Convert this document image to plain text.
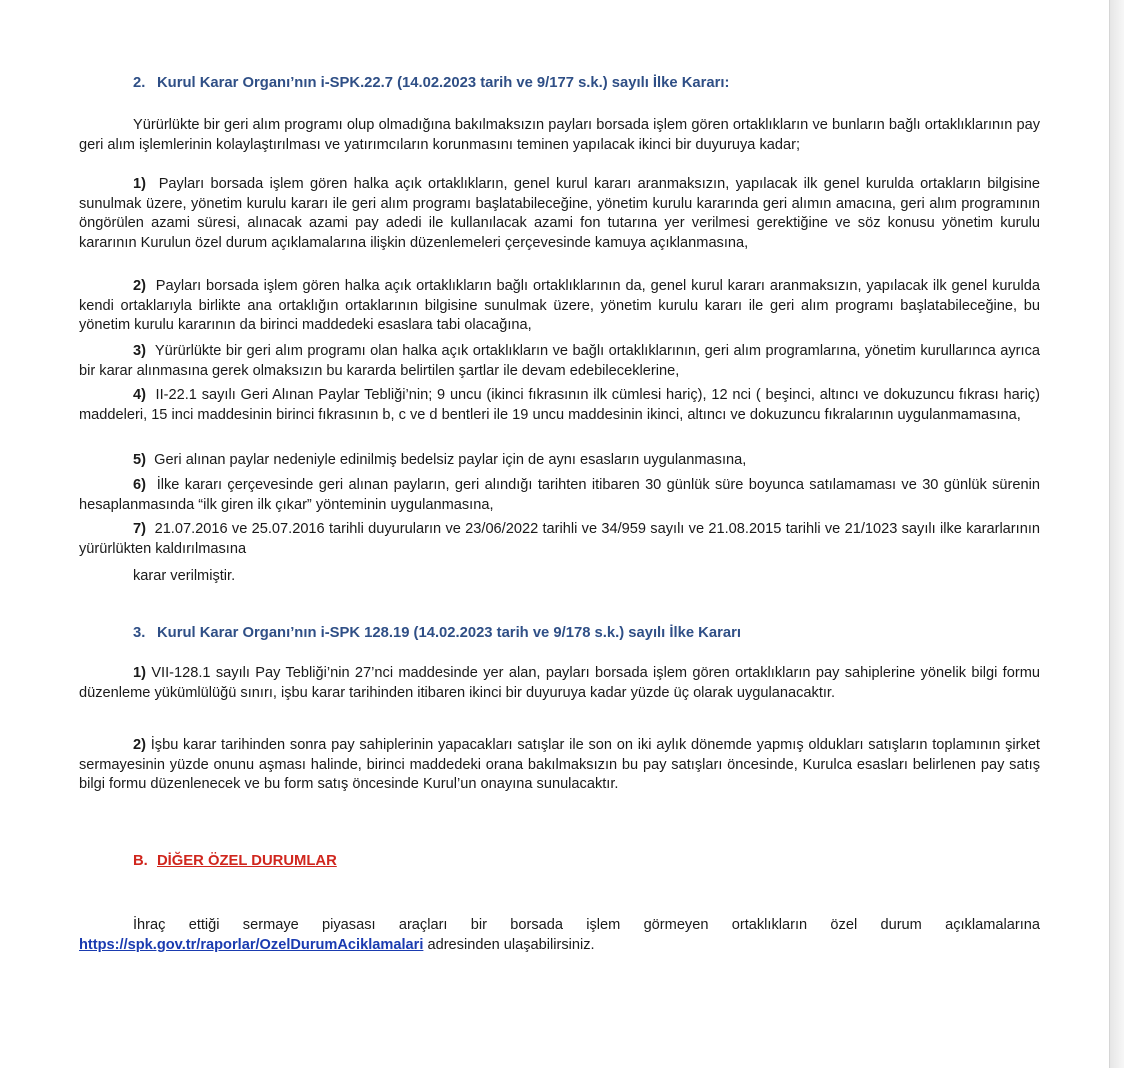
2. Kurul Karar Organı’nın i-SPK.22.7 (14.02.2023 tarih ve 9/177 s.k.) sayılı İlke Kararı:
Yürürlükte bir geri alım programı olup olmadığına bakılmaksızın payları borsada işlem gören ortaklıkların ve bunların bağlı ortaklıklarının pay geri alım işlemlerinin kolaylaştırılması ve yatırımcıların korunmasını teminen yapılacak ikinci bir duyuruya kadar;
1) Payları borsada işlem gören halka açık ortaklıkların, genel kurul kararı aranmaksızın, yapılacak ilk genel kurulda ortakların bilgisine sunulmak üzere, yönetim kurulu kararı ile geri alım programı başlatabileceğine, yönetim kurulu kararında geri alımın amacına, geri alım programının öngörülen azami süresi, alınacak azami pay adedi ile kullanılacak azami fon tutarına yer verilmesi gerektiğine ve söz konusu yönetim kurulu kararının Kurulun özel durum açıklamalarına ilişkin düzenlemeleri çerçevesinde kamuya açıklanmasına,
2) Payları borsada işlem gören halka açık ortaklıkların bağlı ortaklıklarının da, genel kurul kararı aranmaksızın, yapılacak ilk genel kurulda kendi ortaklarıyla birlikte ana ortaklığın ortaklarının bilgisine sunulmak üzere, yönetim kurulu kararı ile geri alım programı başlatabileceğine, bu yönetim kurulu kararının da birinci maddedeki esaslara tabi olacağına,
3) Yürürlükte bir geri alım programı olan halka açık ortaklıkların ve bağlı ortaklıklarının, geri alım programlarına, yönetim kurullarınca ayrıca bir karar alınmasına gerek olmaksızın bu kararda belirtilen şartlar ile devam edebileceklerine,
4) II-22.1 sayılı Geri Alınan Paylar Tebliği’nin; 9 uncu (ikinci fıkrasının ilk cümlesi hariç), 12 nci ( beşinci, altıncı ve dokuzuncu fıkrası hariç) maddeleri, 15 inci maddesinin birinci fıkrasının b, c ve d bentleri ile 19 uncu maddesinin ikinci, altıncı ve dokuzuncu fıkralarının uygulanmamasına,
5) Geri alınan paylar nedeniyle edinilmiş bedelsiz paylar için de aynı esasların uygulanmasına,
6) İlke kararı çerçevesinde geri alınan payların, geri alındığı tarihten itibaren 30 günlük süre boyunca satılamaması ve 30 günlük sürenin hesaplanmasında “ilk giren ilk çıkar” yönteminin uygulanmasına,
7) 21.07.2016 ve 25.07.2016 tarihli duyuruların ve 23/06/2022 tarihli ve 34/959 sayılı ve 21.08.2015 tarihli ve 21/1023 sayılı ilke kararlarının yürürlükten kaldırılmasına
karar verilmiştir.
3. Kurul Karar Organı’nın i-SPK 128.19 (14.02.2023 tarih ve 9/178 s.k.) sayılı İlke Kararı
1) VII-128.1 sayılı Pay Tebliği’nin 27’nci maddesinde yer alan, payları borsada işlem gören ortaklıkların pay sahiplerine yönelik bilgi formu düzenleme yükümlülüğü sınırı, işbu karar tarihinden itibaren ikinci bir duyuruya kadar yüzde üç olarak uygulanacaktır.
2) İşbu karar tarihinden sonra pay sahiplerinin yapacakları satışlar ile son on iki aylık dönemde yapmış oldukları satışların toplamının şirket sermayesinin yüzde onunu aşması halinde, birinci maddedeki orana bakılmaksızın bu pay satışları öncesinde, Kurulca esasları belirlenen pay satış bilgi formu düzenlenecek ve bu form satış öncesinde Kurul’un onayına sunulacaktır.
B. DİĞER ÖZEL DURUMLAR
İhraç ettiği sermaye piyasası araçları bir borsada işlem görmeyen ortaklıkların özel durum açıklamalarına https://spk.gov.tr/raporlar/OzelDurumAciklamalari adresinden ulaşabilirsiniz.
